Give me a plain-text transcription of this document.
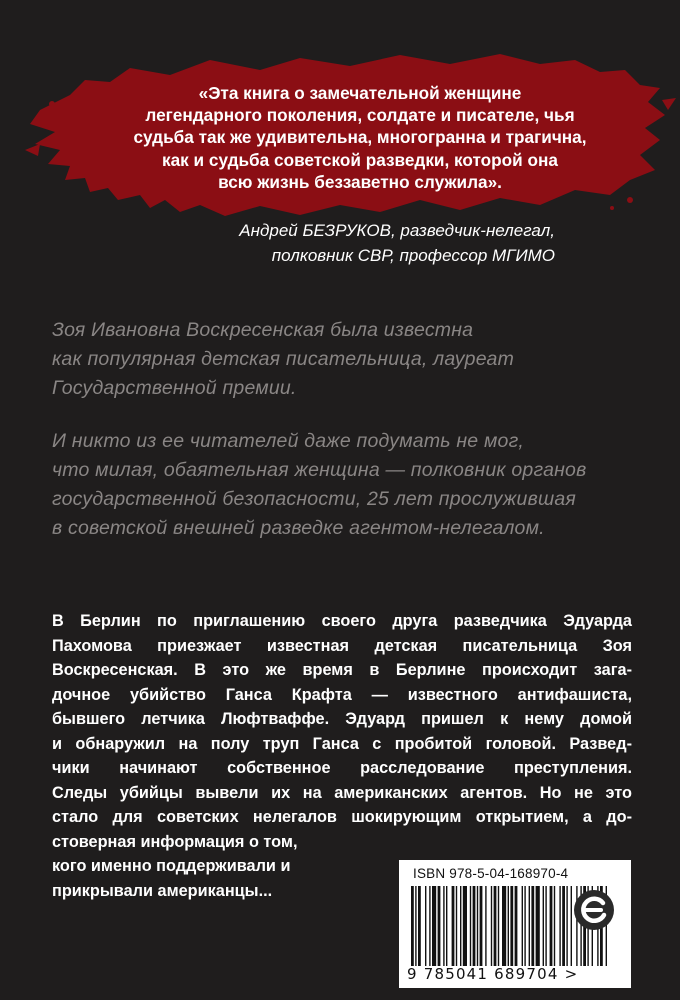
«Эта книга о замечательной женщине
легендарного поколения, солдате и писателе, чья
судьба так же удивительна, многогранна и трагична,
как и судьба советской разведки, которой она
всю жизнь беззаветно служила».

Андрей БЕЗРУКОВ, разведчик-нелегал,
полковник СВР, профессор МГИМО

Зоя Ивановна Воскресенская была известна
как популярная детская писательница, лауреат
Государственной премии.

И никто из ее читателей даже подумать не мог,
что милая, обаятельная женщина — полковник органов
государственной безопасности, 25 лет прослужившая
в советской внешней разведке агентом-нелегалом.

В Берлин по приглашению своего друга разведчика Эдуарда
Пахомова приезжает известная детская писательница Зоя
Воскресенская. В это же время в Берлине происходит зага-
дочное убийство Ганса Крафта — известного антифашиста,
бывшего летчика Люфтваффе. Эдуард пришел к нему домой
и обнаружил на полу труп Ганса с пробитой головой. Развед-
чики начинают собственное расследование преступления.
Следы убийцы вывели их на американских агентов. Но не это
стало для советских нелегалов шокирующим открытием, а до-
стоверная информация о том,
кого именно поддерживали и
прикрывали американцы...

ISBN 978-5-04-168970-4
9 785041 689704 >
